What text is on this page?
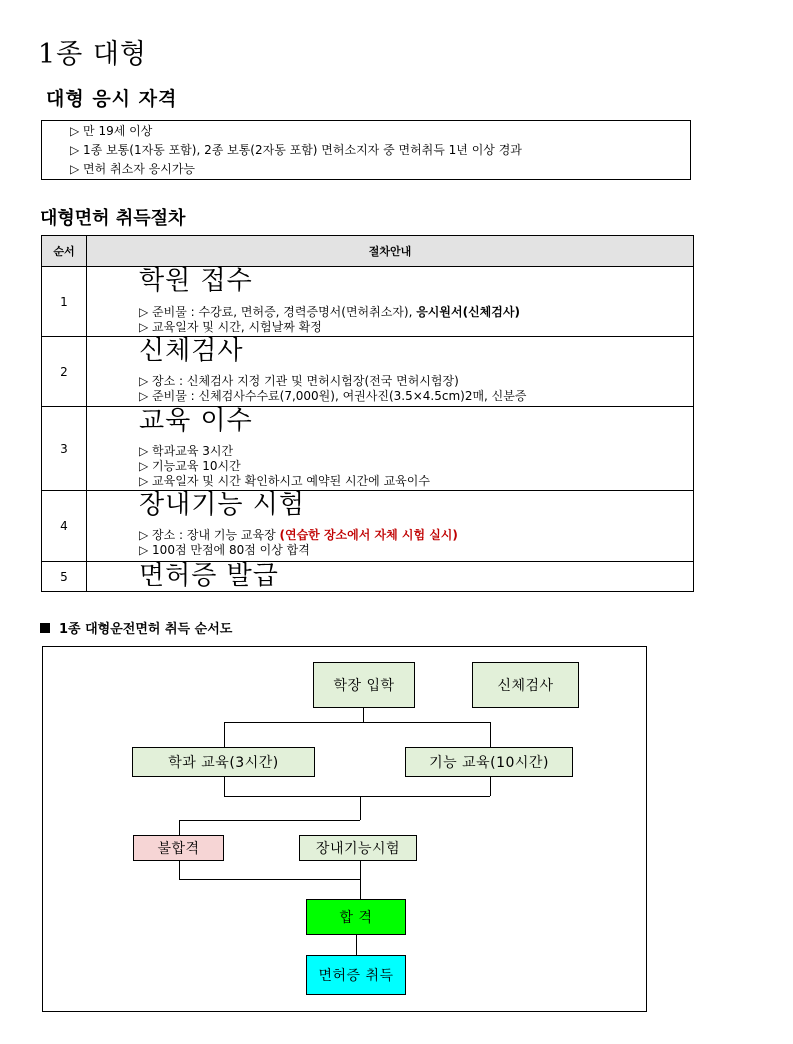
1종 대형
대형 응시 자격
▷ 만 19세 이상
▷ 1종 보통(1자동 포함), 2종 보통(2자동 포함) 면허소지자 중 면허취득 1년 이상 경과
▷ 면허 취소자 응시가능
대형면허 취득절차
순서	절차안내
1	학원 접수
▷ 준비물 : 수강료, 면허증, 경력증명서(면허취소자), 응시원서(신체검사)
▷ 교육일자 및 시간, 시험날짜 확정

2	신체검사
▷ 장소 : 신체검사 지정 기관 및 면허시험장(전국 면허시험장)
▷ 준비물 : 신체검사수수료(7,000원), 여권사진(3.5×4.5cm)2매, 신분증

3	교육 이수
▷ 학과교육 3시간
▷ 기능교육 10시간
▷ 교육일자 및 시간 확인하시고 예약된 시간에 교육이수

4	장내기능 시험
▷ 장소 : 장내 기능 교육장 (연습한 장소에서 자체 시험 실시)
▷ 100점 만점에 80점 이상 합격

5	면허증 발급
1종 대형운전면허 취득 순서도
학장 입학	신체검사
학과 교육(3시간)	기능 교육(10시간)
불합격	장내기능시험
합 격
면허증 취득
